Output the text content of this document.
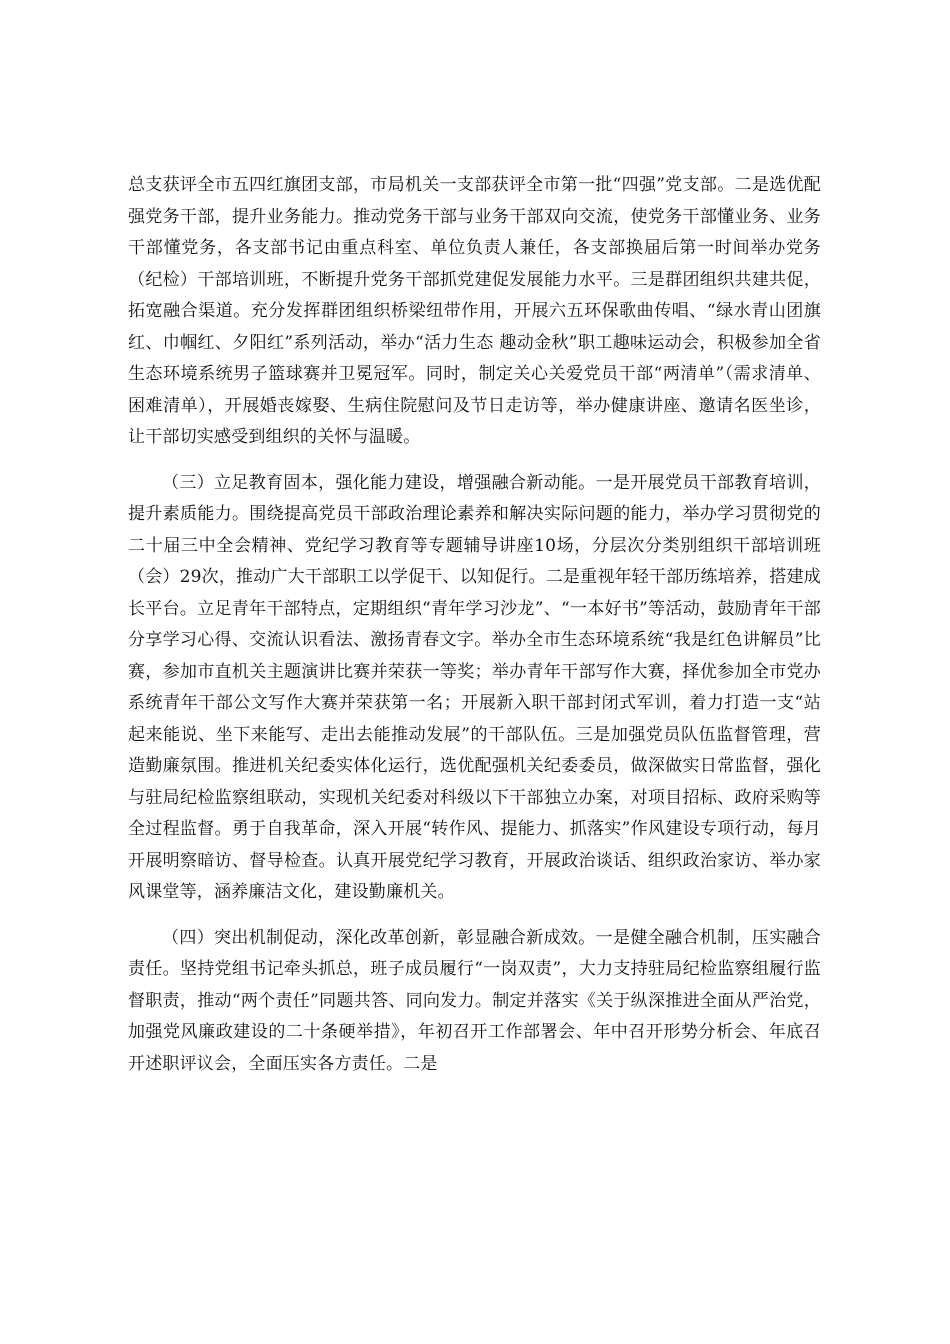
总支获评全市五四红旗团支部，市局机关一支部获评全市第一批“四强”党支部。二是选优配强党务干部，提升业务能力。推动党务干部与业务干部双向交流，使党务干部懂业务、业务干部懂党务，各支部书记由重点科室、单位负责人兼任，各支部换届后第一时间举办党务（纪检）干部培训班，不断提升党务干部抓党建促发展能力水平。三是群团组织共建共促，拓宽融合渠道。充分发挥群团组织桥梁纽带作用，开展六五环保歌曲传唱、“绿水青山团旗红、巾帼红、夕阳红”系列活动，举办“活力生态 趣动金秋”职工趣味运动会，积极参加全省生态环境系统男子篮球赛并卫冕冠军。同时，制定关心关爱党员干部“两清单”（需求清单、困难清单），开展婚丧嫁娶、生病住院慰问及节日走访等，举办健康讲座、邀请名医坐诊，让干部切实感受到组织的关怀与温暖。

（三）立足教育固本，强化能力建设，增强融合新动能。一是开展党员干部教育培训，提升素质能力。围绕提高党员干部政治理论素养和解决实际问题的能力，举办学习贯彻党的二十届三中全会精神、党纪学习教育等专题辅导讲座10场，分层次分类别组织干部培训班（会）29次，推动广大干部职工以学促干、以知促行。二是重视年轻干部历练培养，搭建成长平台。立足青年干部特点，定期组织“青年学习沙龙”、“一本好书”等活动，鼓励青年干部分享学习心得、交流认识看法、激扬青春文字。举办全市生态环境系统“我是红色讲解员”比赛，参加市直机关主题演讲比赛并荣获一等奖；举办青年干部写作大赛，择优参加全市党办系统青年干部公文写作大赛并荣获第一名；开展新入职干部封闭式军训，着力打造一支“站起来能说、坐下来能写、走出去能推动发展”的干部队伍。三是加强党员队伍监督管理，营造勤廉氛围。推进机关纪委实体化运行，选优配强机关纪委委员，做深做实日常监督，强化与驻局纪检监察组联动，实现机关纪委对科级以下干部独立办案，对项目招标、政府采购等全过程监督。勇于自我革命，深入开展“转作风、提能力、抓落实”作风建设专项行动，每月开展明察暗访、督导检查。认真开展党纪学习教育，开展政治谈话、组织政治家访、举办家风课堂等，涵养廉洁文化，建设勤廉机关。

（四）突出机制促动，深化改革创新，彰显融合新成效。一是健全融合机制，压实融合责任。坚持党组书记牵头抓总，班子成员履行“一岗双责”，大力支持驻局纪检监察组履行监督职责，推动“两个责任”同题共答、同向发力。制定并落实《关于纵深推进全面从严治党，加强党风廉政建设的二十条硬举措》，年初召开工作部署会、年中召开形势分析会、年底召开述职评议会，全面压实各方责任。二是
